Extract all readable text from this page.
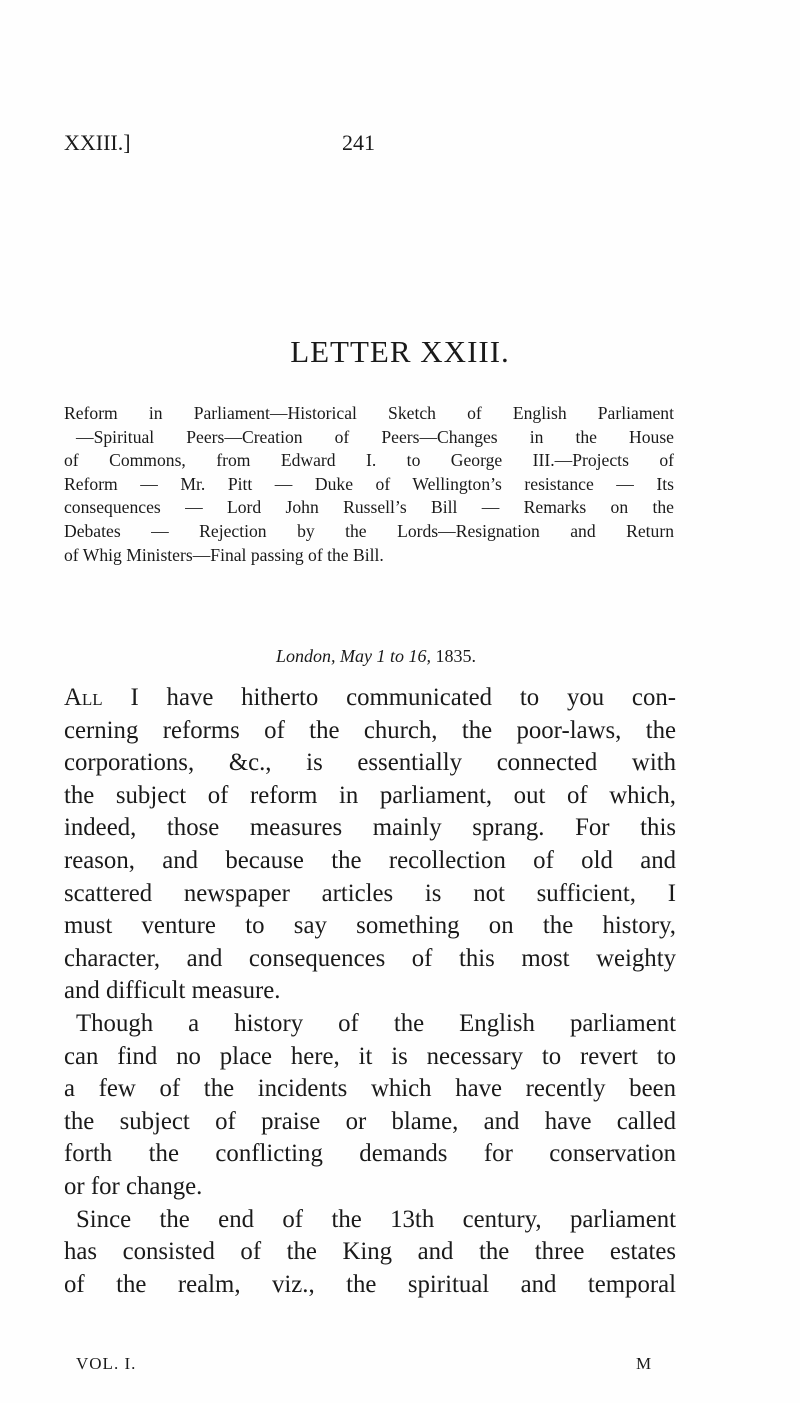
XXIII.]	241
LETTER XXIII.
Reform in Parliament—Historical Sketch of English Parliament
—Spiritual Peers—Creation of Peers—Changes in the House
of Commons, from Edward I. to George III.—Projects of
Reform — Mr. Pitt — Duke of Wellington’s resistance — Its
consequences — Lord John Russell’s Bill — Remarks on the
Debates — Rejection by the Lords—Resignation and Return
of Whig Ministers—Final passing of the Bill.
London, May 1 to 16, 1835.
All I have hitherto communicated to you con-
cerning reforms of the church, the poor-laws, the
corporations, &c., is essentially connected with
the subject of reform in parliament, out of which,
indeed, those measures mainly sprang. For this
reason, and because the recollection of old and
scattered newspaper articles is not sufficient, I
must venture to say something on the history,
character, and consequences of this most weighty
and difficult measure.
Though a history of the English parliament
can find no place here, it is necessary to revert to
a few of the incidents which have recently been
the subject of praise or blame, and have called
forth the conflicting demands for conservation
or for change.
Since the end of the 13th century, parliament
has consisted of the King and the three estates
of the realm, viz., the spiritual and temporal
VOL. I.	M
